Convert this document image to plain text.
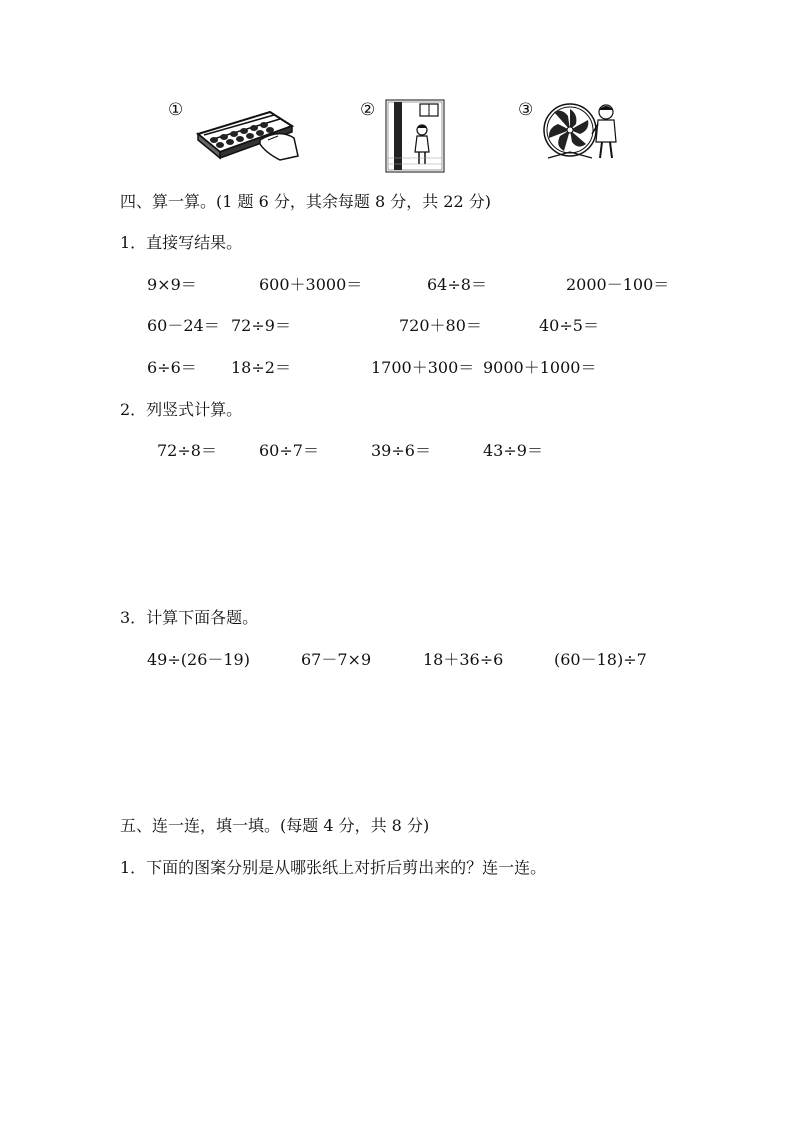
①	②	③
四、算一算。(1 题 6 分，其余每题 8 分，共 22 分)
1．直接写结果。
9×9＝	600＋3000＝	64÷8＝	2000－100＝
60－24＝ 72÷9＝	720＋80＝	40÷5＝
6÷6＝ 18÷2＝	1700＋300＝ 9000＋1000＝
2．列竖式计算。
72÷8＝	60÷7＝	39÷6＝	43÷9＝
3．计算下面各题。
49÷(26－19)	67－7×9	18＋36÷6	(60－18)÷7
五、连一连，填一填。(每题 4 分，共 8 分)
1．下面的图案分别是从哪张纸上对折后剪出来的？连一连。
